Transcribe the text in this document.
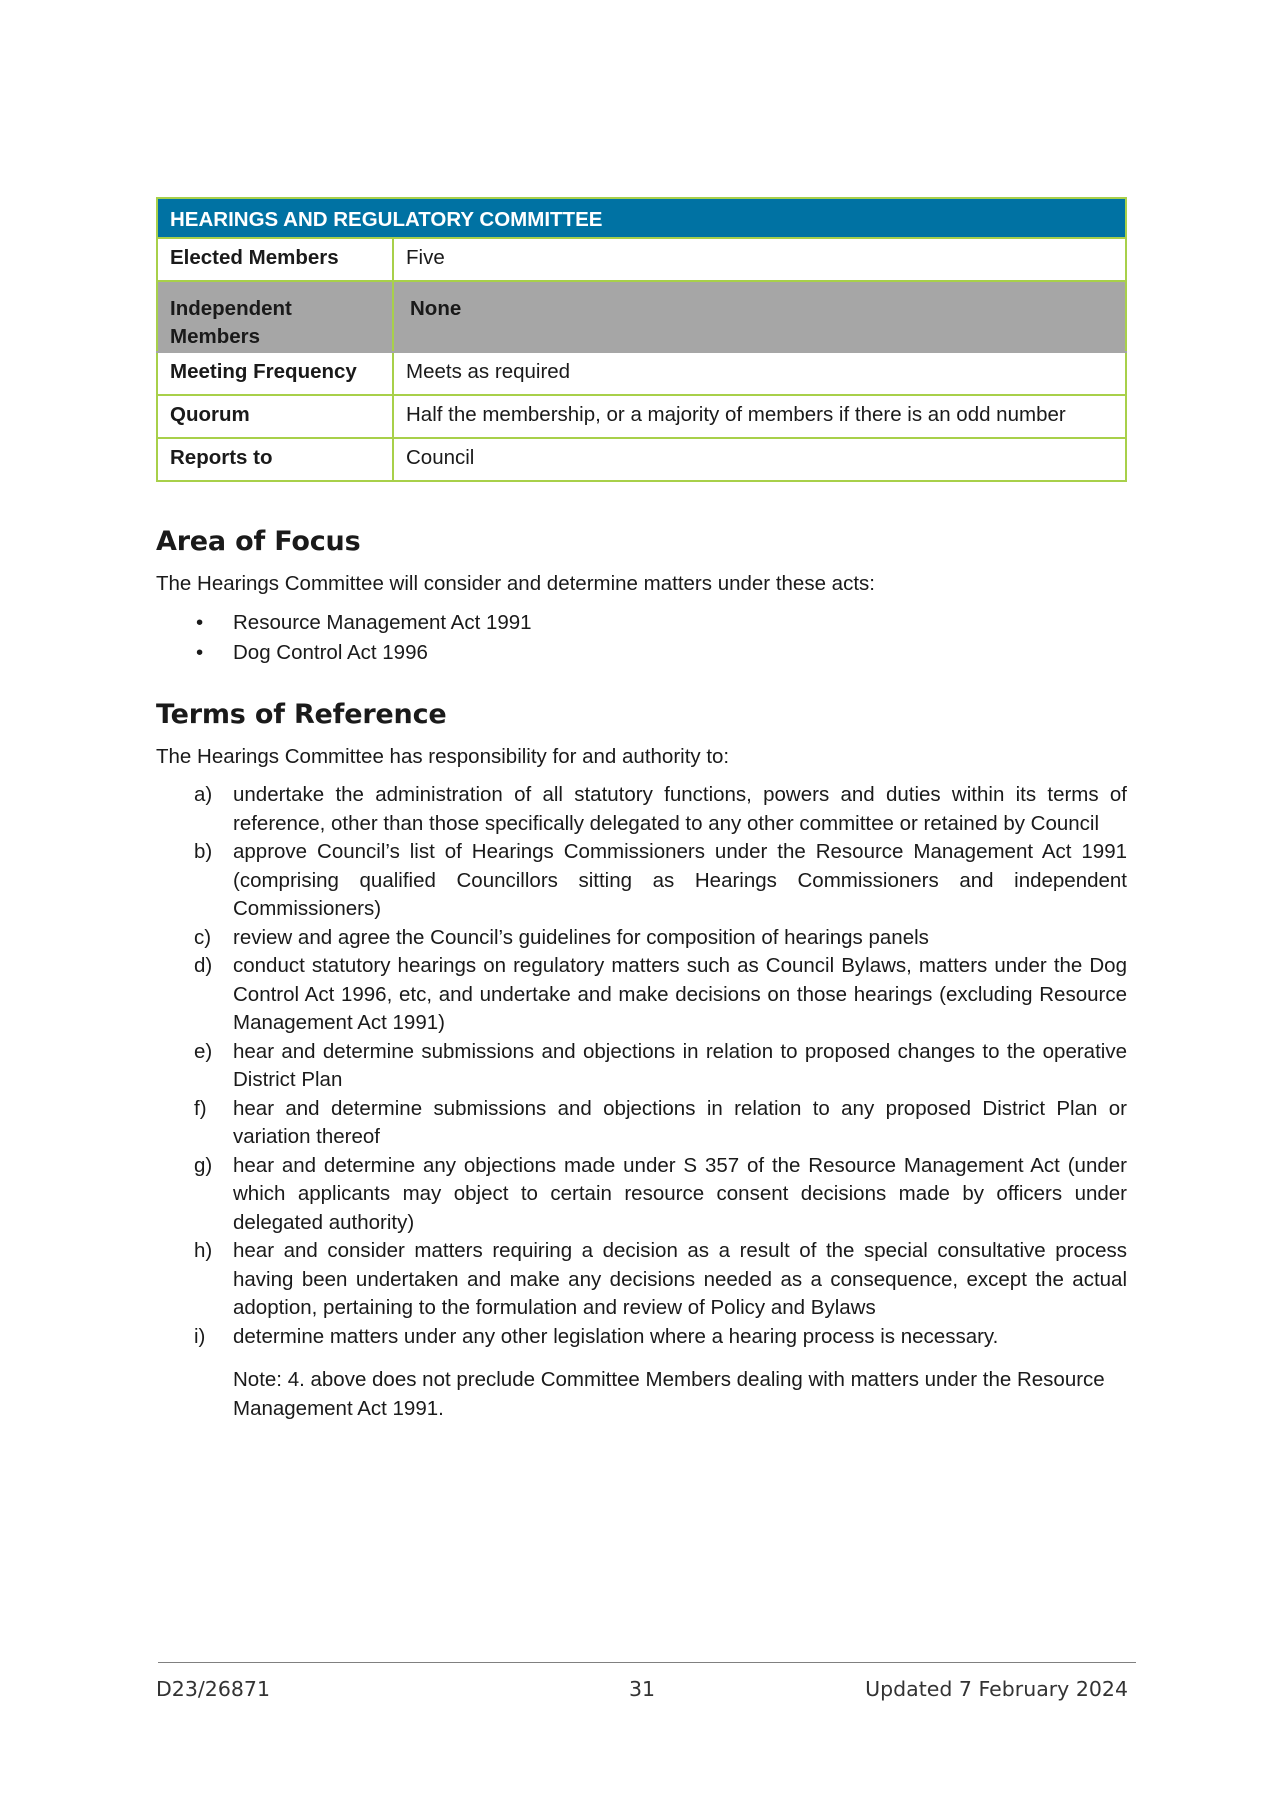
HEARINGS AND REGULATORY COMMITTEE	
Elected Members	Five
Independent Members	None
Meeting Frequency	Meets as required
Quorum	Half the membership, or a majority of members if there is an odd number
Reports to	Council
Area of Focus

The Hearings Committee will consider and determine matters under these acts:

• Resource Management Act 1991
• Dog Control Act 1996
Terms of Reference

The Hearings Committee has responsibility for and authority to:

a) undertake the administration of all statutory functions, powers and duties within its terms of reference, other than those specifically delegated to any other committee or retained by Council
b) approve Council’s list of Hearings Commissioners under the Resource Management Act 1991 (comprising qualified Councillors sitting as Hearings Commissioners and independent Commissioners)
c) review and agree the Council’s guidelines for composition of hearings panels
d) conduct statutory hearings on regulatory matters such as Council Bylaws, matters under the Dog Control Act 1996, etc, and undertake and make decisions on those hearings (excluding Resource Management Act 1991)
e) hear and determine submissions and objections in relation to proposed changes to the operative District Plan
f) hear and determine submissions and objections in relation to any proposed District Plan or variation thereof
g) hear and determine any objections made under S 357 of the Resource Management Act (under which applicants may object to certain resource consent decisions made by officers under delegated authority)
h) hear and consider matters requiring a decision as a result of the special consultative process having been undertaken and make any decisions needed as a consequence, except the actual adoption, pertaining to the formulation and review of Policy and Bylaws
i) determine matters under any other legislation where a hearing process is necessary.

Note: 4. above does not preclude Committee Members dealing with matters under the Resource Management Act 1991.

D23/26871	31	Updated 7 February 2024
